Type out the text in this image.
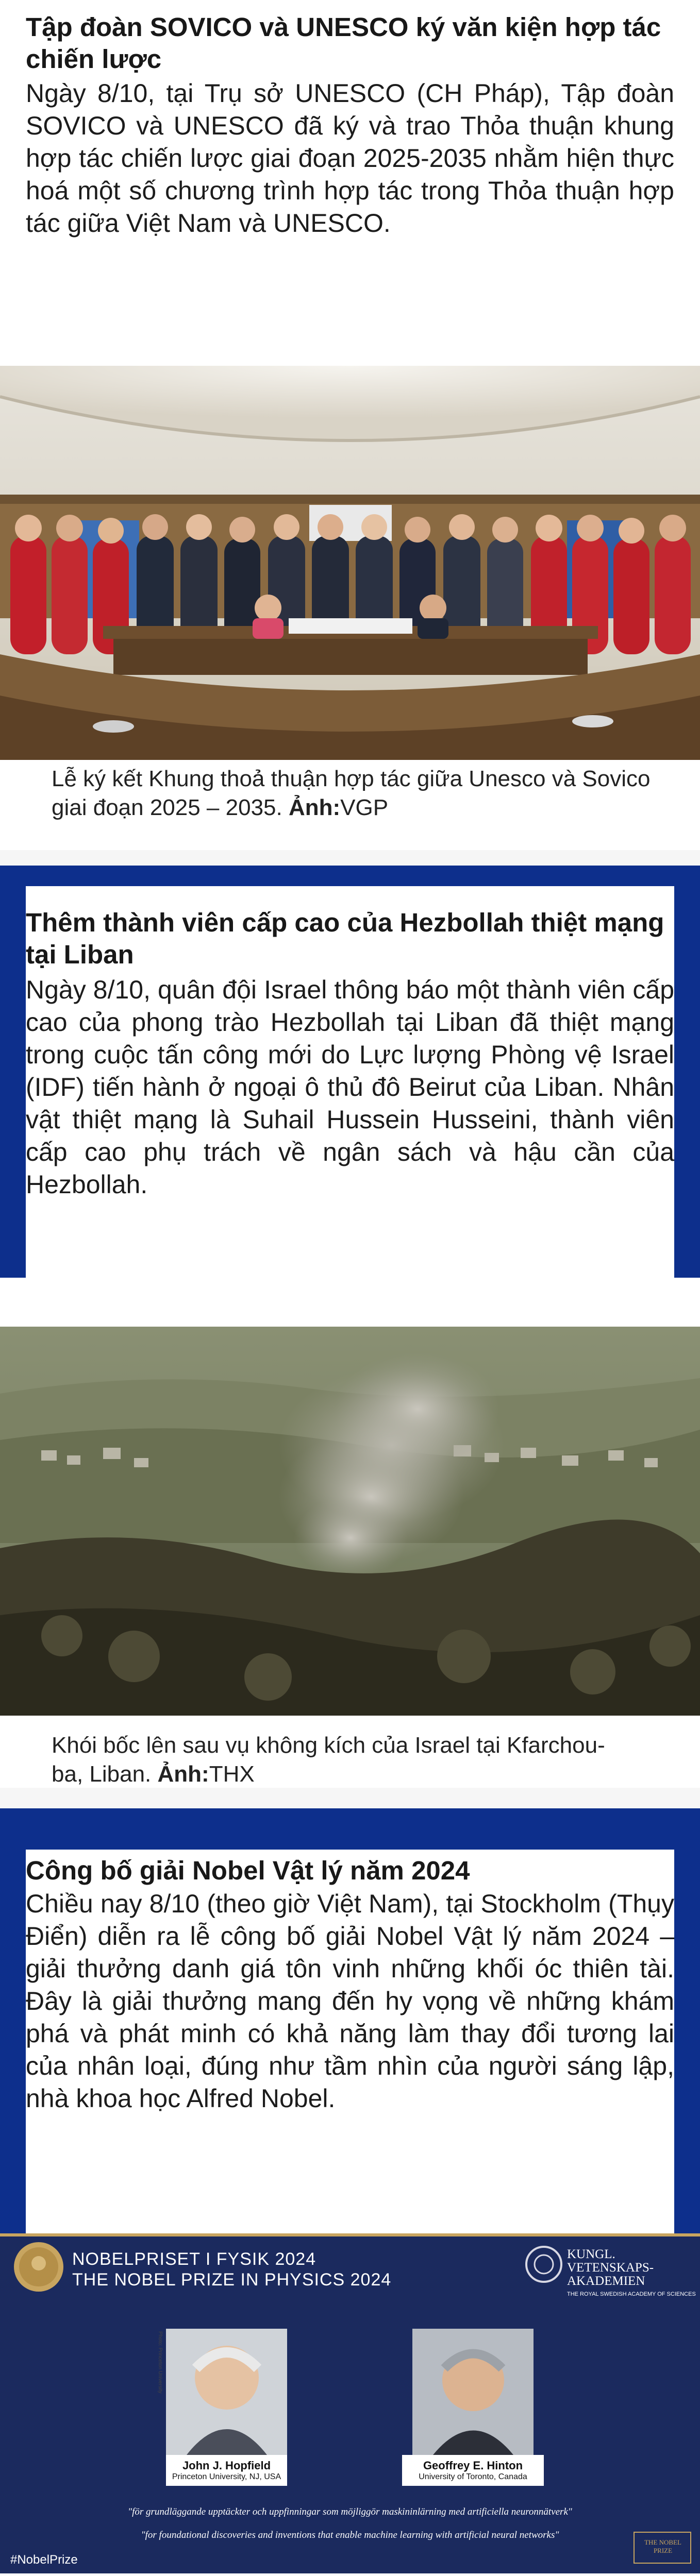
Tập đoàn SOVICO và UNESCO ký văn kiện hợp tác chiến lược
Ngày 8/10, tại Trụ sở UNESCO (CH Pháp), Tập đoàn SOVICO và UNESCO đã ký và trao Thỏa thuận khung hợp tác chiến lược giai đoạn 2025-2035 nhằm hiện thực hoá một số chương trình hợp tác trong Thỏa thuận hợp tác giữa Việt Nam và UNESCO.
Lễ ký kết Khung thoả thuận hợp tác giữa Unesco và Sovico giai đoạn 2025 – 2035. Ảnh:VGP
Thêm thành viên cấp cao của Hezbollah thiệt mạng tại Liban
Ngày 8/10, quân đội Israel thông báo một thành viên cấp cao của phong trào Hezbollah tại Liban đã thiệt mạng trong cuộc tấn công mới do Lực lượng Phòng vệ Israel (IDF) tiến hành ở ngoại ô thủ đô Beirut của Liban. Nhân vật thiệt mạng là Suhail Hussein Husseini, thành viên cấp cao phụ trách về ngân sách và hậu cần của Hezbollah.
Khói bốc lên sau vụ không kích của Israel tại Kfarchou-
ba, Liban. Ảnh:THX
Công bố giải Nobel Vật lý năm 2024
Chiều nay 8/10 (theo giờ Việt Nam), tại Stockholm (Thụy Điển) diễn ra lễ công bố giải Nobel Vật lý năm 2024 – giải thưởng danh giá tôn vinh những khối óc thiên tài. Đây là giải thưởng mang đến hy vọng về những khám phá và phát minh có khả năng làm thay đổi tương lai của nhân loại, đúng như tầm nhìn của người sáng lập, nhà khoa học Alfred Nobel.
NOBELPRISET I FYSIK 2024
THE NOBEL PRIZE IN PHYSICS 2024
KUNGL.
VETENSKAPS-
AKADEMIEN
THE ROYAL SWEDISH ACADEMY OF SCIENCES
John J. Hopfield
Princeton University, NJ, USA
Geoffrey E. Hinton
University of Toronto, Canada
Photo: Princeton University
"för grundläggande upptäckter och uppfinningar som möjliggör maskininlärning med artificiella neuronnätverk"
"for foundational discoveries and inventions that enable machine learning with artificial neural networks"
#NobelPrize
THE NOBEL PRIZE
